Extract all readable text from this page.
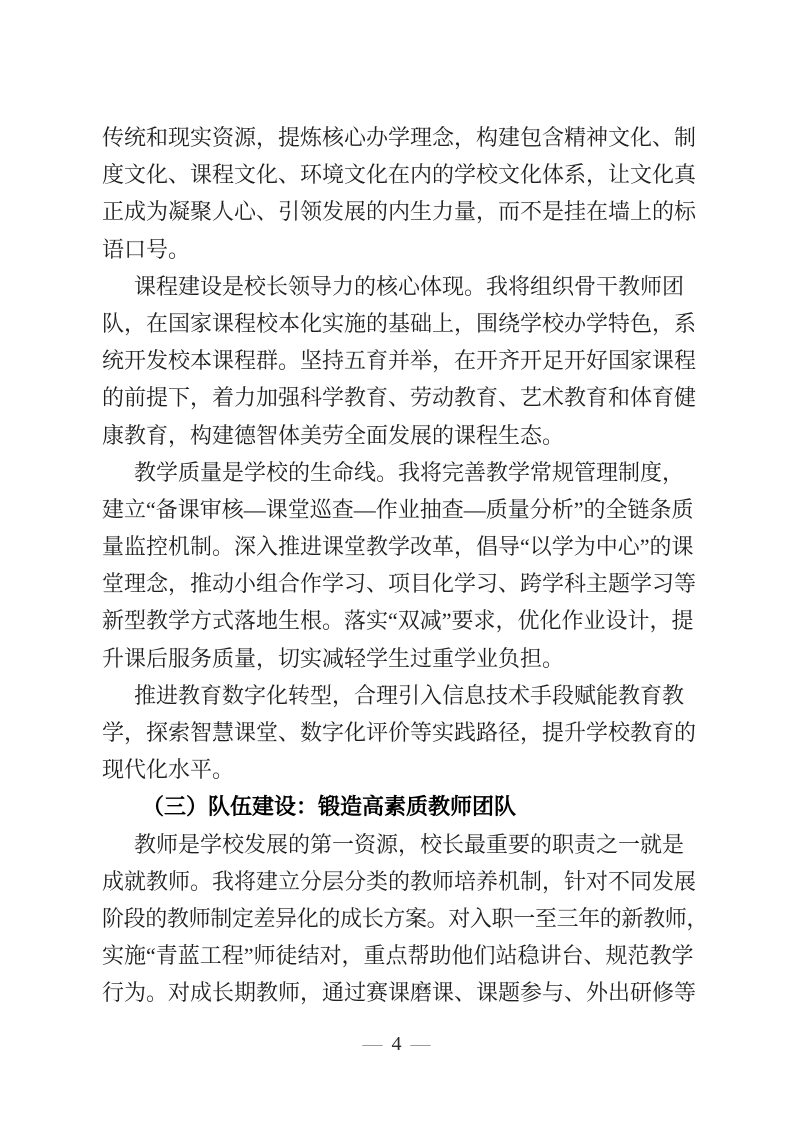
传统和现实资源，提炼核心办学理念，构建包含精神文化、制
度文化、课程文化、环境文化在内的学校文化体系，让文化真
正成为凝聚人心、引领发展的内生力量，而不是挂在墙上的标
语口号。
课程建设是校长领导力的核心体现。我将组织骨干教师团
队，在国家课程校本化实施的基础上，围绕学校办学特色，系
统开发校本课程群。坚持五育并举，在开齐开足开好国家课程
的前提下，着力加强科学教育、劳动教育、艺术教育和体育健
康教育，构建德智体美劳全面发展的课程生态。
教学质量是学校的生命线。我将完善教学常规管理制度，
建立“备课审核—课堂巡查—作业抽查—质量分析”的全链条质
量监控机制。深入推进课堂教学改革，倡导“以学为中心”的课
堂理念，推动小组合作学习、项目化学习、跨学科主题学习等
新型教学方式落地生根。落实“双减”要求，优化作业设计，提
升课后服务质量，切实减轻学生过重学业负担。
推进教育数字化转型，合理引入信息技术手段赋能教育教
学，探索智慧课堂、数字化评价等实践路径，提升学校教育的
现代化水平。
（三）队伍建设：锻造高素质教师团队
教师是学校发展的第一资源，校长最重要的职责之一就是
成就教师。我将建立分层分类的教师培养机制，针对不同发展
阶段的教师制定差异化的成长方案。对入职一至三年的新教师，
实施“青蓝工程”师徒结对，重点帮助他们站稳讲台、规范教学
行为。对成长期教师，通过赛课磨课、课题参与、外出研修等
— 4 —
